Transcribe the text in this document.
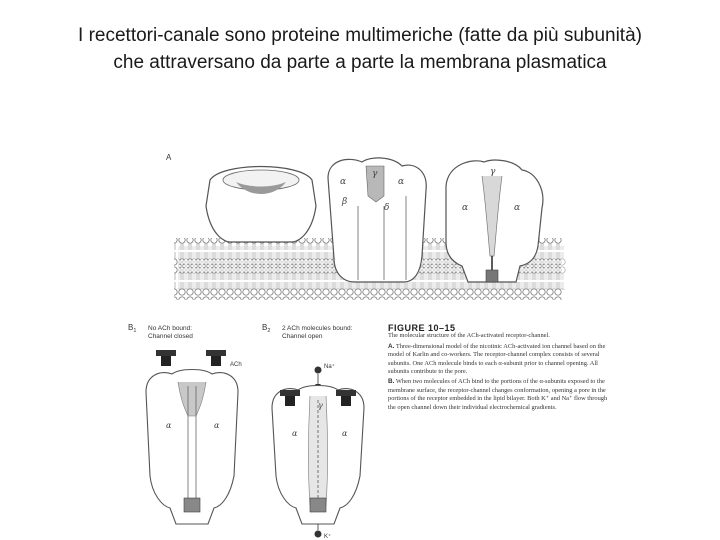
I recettori-canale sono proteine multimeriche (fatte da più subunità)
che attraversano da parte a parte la membrana plasmatica
A
α
γ
α
β
δ
γ
α	α
$B_1$ No ACh bound:
Channel closed
ACh
α	α
$B_2$ 2 ACh molecules bound:
Channel open
Na⁺
α
γ
α
K⁺
FIGURE 10–15
The molecular structure of the ACh-activated receptor-channel.

A. Three-dimensional model of the nicotinic ACh-activated ion channel based on the model of Karlin and co-workers. The receptor-channel complex consists of several subunits. One ACh molecule binds to each α-subunit prior to channel opening. All subunits contribute to the pore.

B. When two molecules of ACh bind to the portions of the α-subunits exposed to the membrane surface, the receptor-channel changes conformation, opening a pore in the portions of the receptor embedded in the lipid bilayer. Both K⁺ and Na⁺ flow through the open channel down their individual electrochemical gradients.
